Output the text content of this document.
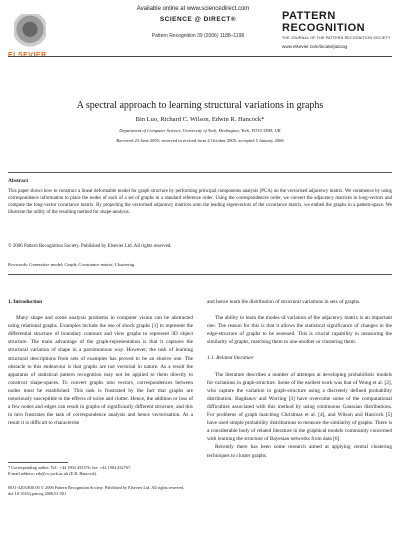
Available online at www.sciencedirect.com
SCIENCE @ DIRECT®
Pattern Recognition 39 (2006) 1188–1198
PATTERN
RECOGNITION
THE JOURNAL OF THE PATTERN RECOGNITION SOCIETY
www.elsevier.com/locate/patcog
A spectral approach to learning structural variations in graphs
Bin Luo, Richard C. Wilson, Edwin R. Hancock*
Department of Computer Science, University of York, Heslington, York, YO10 5DD, UK
Received 23 June 2005; received in revised form 4 October 2005; accepted 5 January 2006
Abstract
This paper shows how to construct a linear deformable model for graph structure by performing principal components analysis (PCA) on the vectorised adjacency matrix. We commence by using correspondence information to place the nodes of each of a set of graphs in a standard reference order. Using the correspondences order, we convert the adjacency matrices to long-vectors and compute the long-vector covariance matrix. By projecting the vectorised adjacency matrices onto the leading eigenvectors of the covariance matrix, we embed the graphs in a pattern-space. We illustrate the utility of the resulting method for shape-analysis.
© 2006 Pattern Recognition Society. Published by Elsevier Ltd. All rights reserved.
Keywords: Generative model; Graph; Covariance matrix; Clustering
1. Introduction
Many shape and scene analysis problems in computer vision can be abstracted using relational graphs. Examples include the use of shock graphs [1] to represent the differential structure of boundary contours and view graphs to represent 3D object structure. The main advantage of the graph-representation is that it captures the structural variation of shape in a parsimonious way. However, the task of learning structural descriptions from sets of examples has proved to be an elusive one. The obstacle to this endeavour is that graphs are not vectorial in nature. As a result the apparatus of statistical pattern recognition may not be applied to them directly to construct shape-spaces. To convert graphs into vectors, correspondences between nodes must be established. This task is frustrated by the fact that graphs are notoriously susceptible to the effects of noise and clutter. Hence, the addition or loss of a few nodes and edges can result in graphs of significantly different structure, and this in turn frustrates the task of correspondence analysis and hence vectorisation. As a result it is difficult to characterise
and hence learn the distribution of structural variations in sets of graphs.
The ability to learn the modes of variation of the adjacency matrix is an important one. The reason for this is that it allows the statistical significance of changes in the edge-structure of graphs to be assessed. This is crucial capability in measuring the similarity of graphs, matching them to one-another or clustering them.
1.1. Related literature
The literature describes a number of attempts at developing probabilistic models for variations in graph-structure. Some of the earliest work was that of Wong et al. [2], who capture the variation in graph-structure using a discretely defined probability distribution. Bagdanov and Worring [3] have overcome some of the computational difficulties associated with this method by using continuous Gaussian distributions. For problems of graph matching Christmas et al. [4], and Wilson and Hancock [5] have used simple probability distributions to measure the similarity of graphs. There is a considerable body of related literature in the graphical models community concerned with learning the structure of Bayesian networks from data [6].
Recently there has been some research aimed at applying central clustering techniques to cluster graphs.
* Corresponding author. Tel.: +44 1904 433376; fax: +44 1904 432767.
E-mail address: erh@cs.york.ac.uk (E.R. Hancock).
0031-3203/$30.00 © 2006 Pattern Recognition Society. Published by Elsevier Ltd. All rights reserved.
doi:10.1016/j.patcog.2006.01.001
